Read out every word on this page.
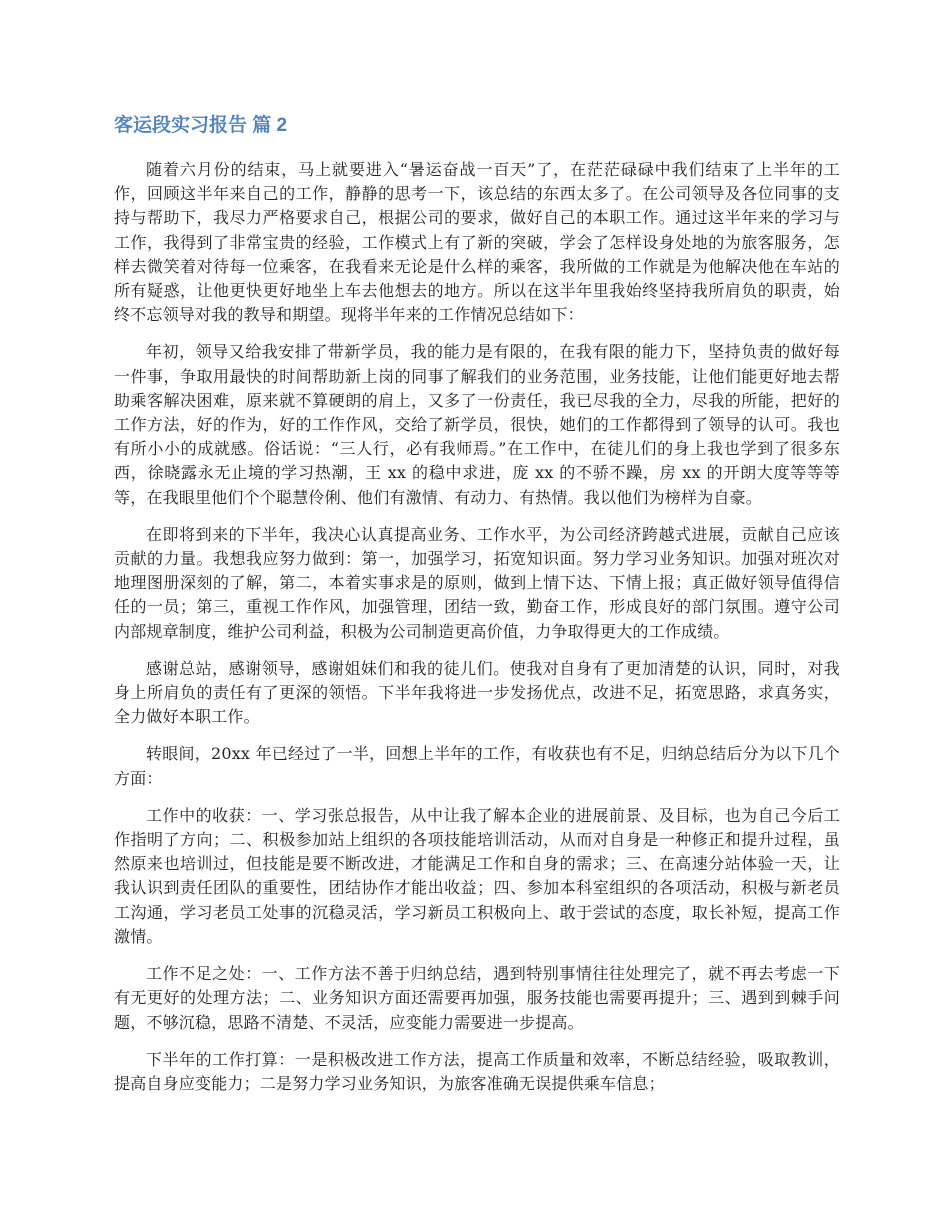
客运段实习报告 篇 2

随着六月份的结束，马上就要进入“暑运奋战一百天”了，在茫茫碌碌中我们结束了上半年的工作，回顾这半年来自己的工作，静静的思考一下，该总结的东西太多了。在公司领导及各位同事的支持与帮助下，我尽力严格要求自己，根据公司的要求，做好自己的本职工作。通过这半年来的学习与工作，我得到了非常宝贵的经验，工作模式上有了新的突破，学会了怎样设身处地的为旅客服务，怎样去微笑着对待每一位乘客，在我看来无论是什么样的乘客，我所做的工作就是为他解决他在车站的所有疑惑，让他更快更好地坐上车去他想去的地方。所以在这半年里我始终坚持我所肩负的职责，始终不忘领导对我的教导和期望。现将半年来的工作情况总结如下：

年初，领导又给我安排了带新学员，我的能力是有限的，在我有限的能力下，坚持负责的做好每一件事，争取用最快的时间帮助新上岗的同事了解我们的业务范围，业务技能，让他们能更好地去帮助乘客解决困难，原来就不算硬朗的肩上，又多了一份责任，我已尽我的全力，尽我的所能，把好的工作方法，好的作为，好的工作作风，交给了新学员，很快，她们的工作都得到了领导的认可。我也有所小小的成就感。俗话说：“三人行，必有我师焉。”在工作中，在徒儿们的身上我也学到了很多东西，徐晓露永无止境的学习热潮，王 xx 的稳中求进，庞 xx 的不骄不躁，房 xx 的开朗大度等等等等，在我眼里他们个个聪慧伶俐、他们有激情、有动力、有热情。我以他们为榜样为自豪。

在即将到来的下半年，我决心认真提高业务、工作水平，为公司经济跨越式进展，贡献自己应该贡献的力量。我想我应努力做到：第一，加强学习，拓宽知识面。努力学习业务知识。加强对班次对地理图册深刻的了解，第二，本着实事求是的原则，做到上情下达、下情上报；真正做好领导值得信任的一员；第三，重视工作作风，加强管理，团结一致，勤奋工作，形成良好的部门氛围。遵守公司内部规章制度，维护公司利益，积极为公司制造更高价值，力争取得更大的工作成绩。

感谢总站，感谢领导，感谢姐妹们和我的徒儿们。使我对自身有了更加清楚的认识，同时，对我身上所肩负的责任有了更深的领悟。下半年我将进一步发扬优点，改进不足，拓宽思路，求真务实，全力做好本职工作。

转眼间，20xx 年已经过了一半，回想上半年的工作，有收获也有不足，归纳总结后分为以下几个方面：

工作中的收获：一、学习张总报告，从中让我了解本企业的进展前景、及目标，也为自己今后工作指明了方向；二、积极参加站上组织的各项技能培训活动，从而对自身是一种修正和提升过程，虽然原来也培训过，但技能是要不断改进，才能满足工作和自身的需求；三、在高速分站体验一天，让我认识到责任团队的重要性，团结协作才能出收益；四、参加本科室组织的各项活动，积极与新老员工沟通，学习老员工处事的沉稳灵活，学习新员工积极向上、敢于尝试的态度，取长补短，提高工作激情。

工作不足之处：一、工作方法不善于归纳总结，遇到特别事情往往处理完了，就不再去考虑一下有无更好的处理方法；二、业务知识方面还需要再加强，服务技能也需要再提升；三、遇到到棘手问题，不够沉稳，思路不清楚、不灵活，应变能力需要进一步提高。

下半年的工作打算：一是积极改进工作方法，提高工作质量和效率，不断总结经验，吸取教训，提高自身应变能力；二是努力学习业务知识，为旅客准确无误提供乘车信息；
